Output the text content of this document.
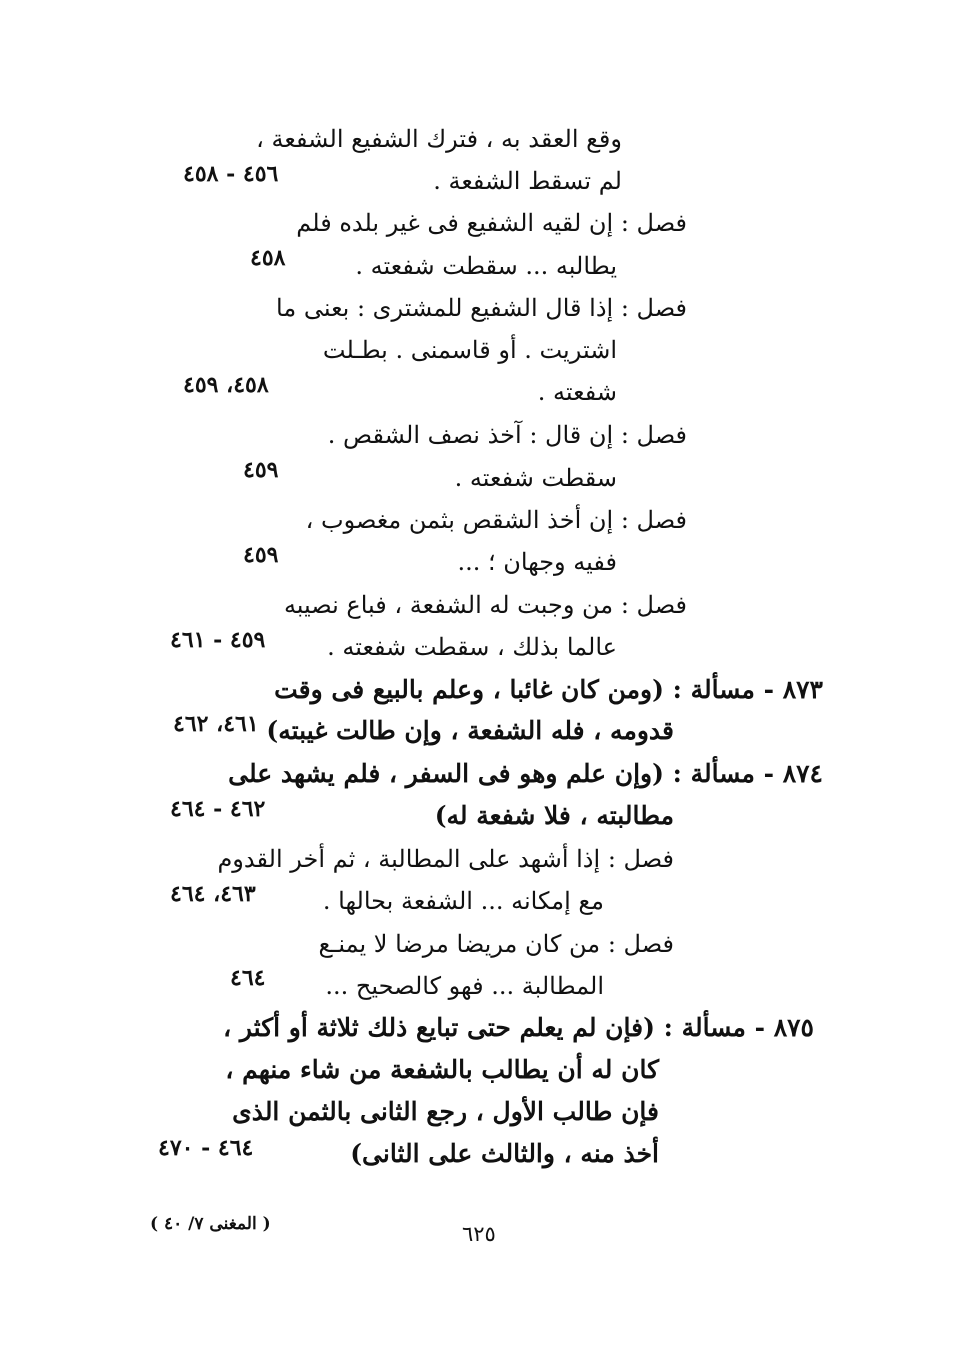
وقع العقد به ، فترك الشفيع الشفعة ،
لم تسقط الشفعة .
٤٥٦ - ٤٥٨
فصل : إن لقيه الشفيع فى غير بلده فلم
يطالبه ... سقطت شفعته .
٤٥٨
فصل : إذا قال الشفيع للمشترى : بعنى ما
اشتريت . أو قاسمنى . بطـلت
شفعته .
٤٥٨، ٤٥٩
فصل : إن قال : آخذ نصف الشقص .
سقطت شفعته .
٤٥٩
فصل : إن أخذ الشقص بثمن مغصوب ،
ففيه وجهان ؛ ...
٤٥٩
فصل : من وجبت له الشفعة ، فباع نصيبه
عالما بذلك ، سقطت شفعته .
٤٥٩ - ٤٦١
٨٧٣ - مسألة : (ومن كان غائبا ، وعلم بالبيع فى وقت
قدومه ، فله الشفعة ، وإن طالت غيبته)
٤٦١، ٤٦٢
٨٧٤ - مسألة : (وإن علم وهو فى السفر ، فلم يشهد على
مطالبته ، فلا شفعة له)
٤٦٢ - ٤٦٤
فصل : إذا أشهد على المطالبة ، ثم أخر القدوم
مع إمكانه ... الشفعة بحالها .
٤٦٣، ٤٦٤
فصل : من كان مريضا مرضا لا يمنـع
المطالبة ... فهو كالصحيح ...
٤٦٤
٨٧٥ - مسألة : (فإن لم يعلم حتى تبايع ذلك ثلاثة أو أكثر ،
كان له أن يطالب بالشفعة من شاء منهم ،
فإن طالب الأول ، رجع الثانى بالثمن الذى
أخذ منه ، والثالث على الثانى)
٤٦٤ - ٤٧٠
( المغنى ٧/ ٤٠ )	٦٢٥
